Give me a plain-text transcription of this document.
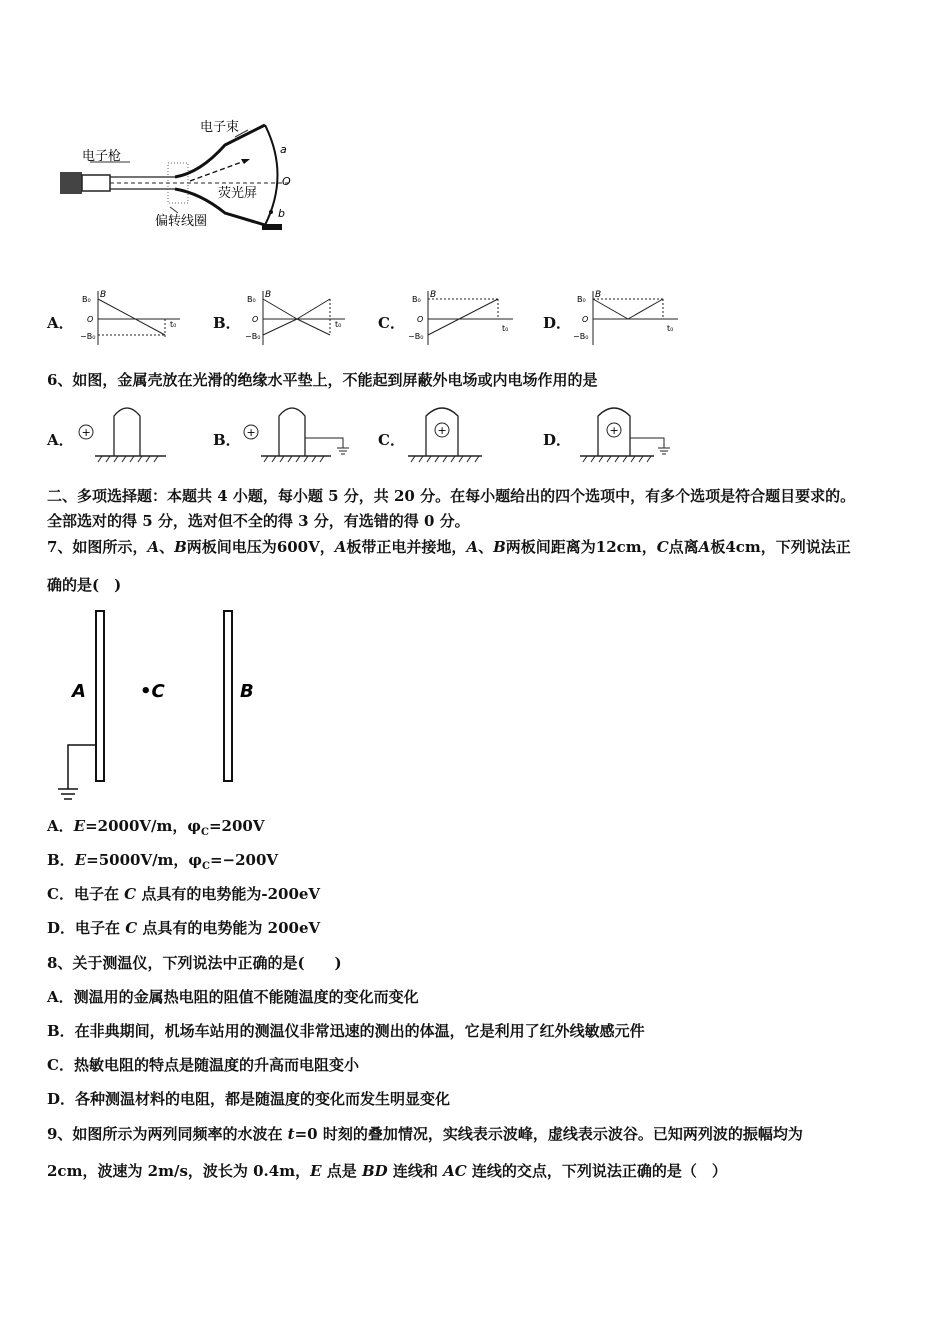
电子枪
电子束
偏转线圈
荧光屏
a
O
b
A．	B．	C．	D．
B
B₀
O
−B₀
t₀
B
B₀
O
−B₀
t₀
B
B₀
O
−B₀
t₀
B
B₀
O
−B₀
t₀
6、如图，金属壳放在光滑的绝缘水平垫上，不能起到屏蔽外电场或内电场作用的是
A．	B．	C．	D．
+	+	+	+
二、多项选择题：本题共 4 小题，每小题 5 分，共 20 分。在每小题给出的四个选项中，有多个选项是符合题目要求的。
全部选对的得 5 分，选对但不全的得 3 分，有选错的得 0 分。
7、如图所示，A、B两板间电压为600V，A板带正电并接地，A、B两板间距离为12cm，C点离A板4cm，下列说法正
确的是(　)
A	•C	B
A．E=2000V/m，$\varphi_C=200V$
B．E=5000V/m，$\varphi_C=-200V$
C．电子在 C 点具有的电势能为-200eV
D．电子在 C 点具有的电势能为 200eV
8、关于测温仪，下列说法中正确的是(　　)
A．测温用的金属热电阻的阻值不能随温度的变化而变化
B．在非典期间，机场车站用的测温仪非常迅速的测出的体温，它是利用了红外线敏感元件
C．热敏电阻的特点是随温度的升高而电阻变小
D．各种测温材料的电阻，都是随温度的变化而发生明显变化
9、如图所示为两列同频率的水波在 t=0 时刻的叠加情况，实线表示波峰，虚线表示波谷。已知两列波的振幅均为
2cm，波速为 2m/s，波长为 0.4m，E 点是 BD 连线和 AC 连线的交点，下列说法正确的是（　）
